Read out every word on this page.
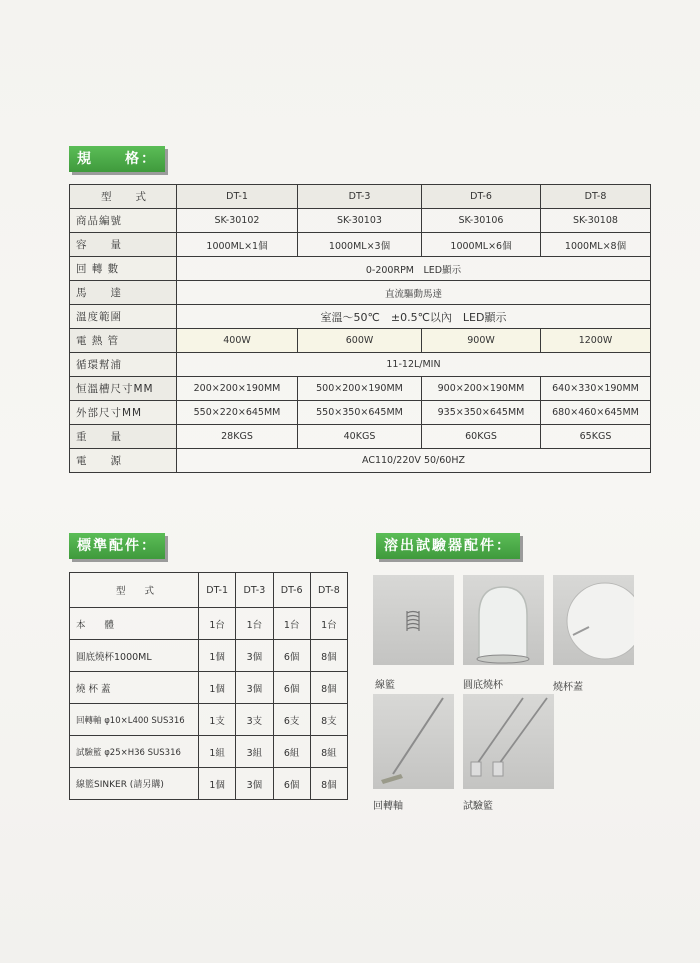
規　　格：
型　　式	DT-1	DT-3	DT-6	DT-8
商品編號	SK-30102	SK-30103	SK-30106	SK-30108
容　　量	1000ML×1個	1000ML×3個	1000ML×6個	1000ML×8個
回 轉 數	0-200RPM　LED顯示			
馬　　達	直流驅動馬達			
溫度範圍	室溫～50℃　±0.5℃以內　LED顯示			
電 熱 管	400W	600W	900W	1200W
循環幫浦	11-12L/MIN			
恒溫槽尺寸MM	200×200×190MM	500×200×190MM	900×200×190MM	640×330×190MM
外部尺寸MM	550×220×645MM	550×350×645MM	935×350×645MM	680×460×645MM
重　　量	28KGS	40KGS	60KGS	65KGS
電　　源	AC110/220V 50/60HZ			
標準配件：
型　　式	DT-1	DT-3	DT-6	DT-8
本　　體	1台	1台	1台	1台
圓底燒杯1000ML	1個	3個	6個	8個
燒 杯 蓋	1個	3個	6個	8個
回轉軸 φ10×L400 SUS316	1支	3支	6支	8支
試驗籃 φ25×H36 SUS316	1組	3組	6組	8組
線籃SINKER (請另購)	1個	3個	6個	8個
溶出試驗器配件：
線籃	圓底燒杯	燒杯蓋
回轉軸	試驗籃
